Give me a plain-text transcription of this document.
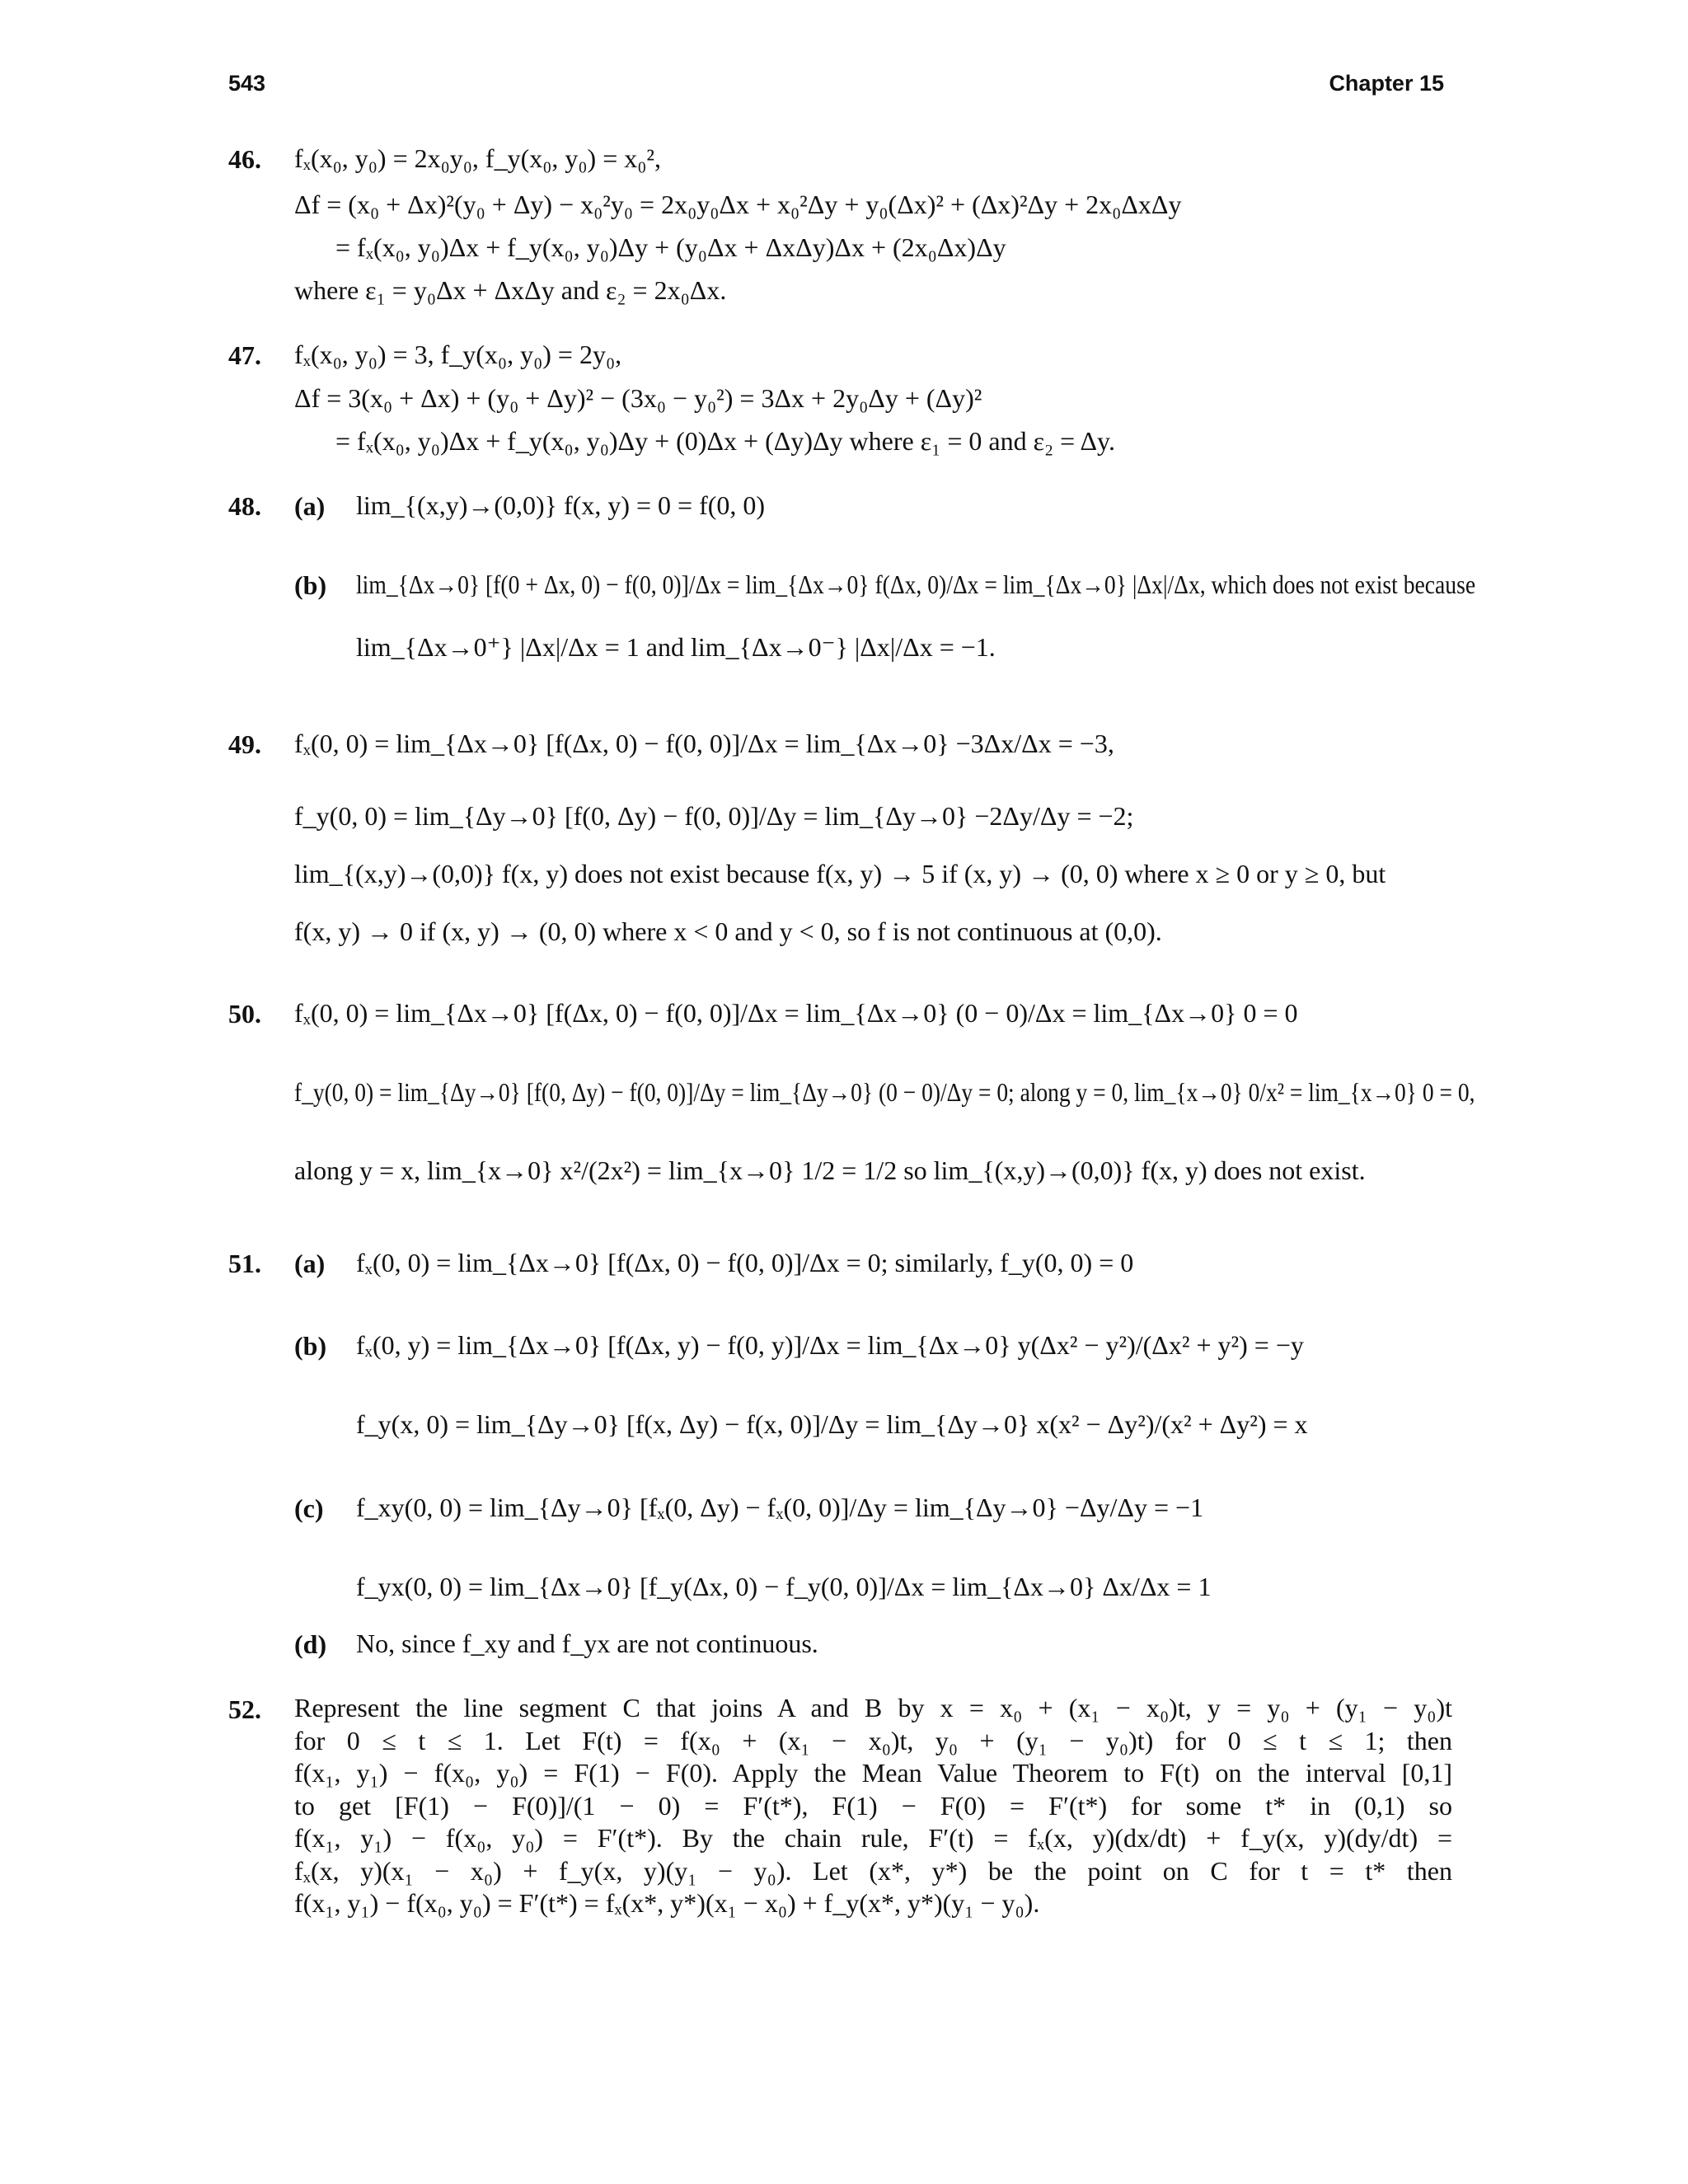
543	Chapter 15
46. fₓ(x₀, y₀) = 2x₀y₀, f_y(x₀, y₀) = x₀²,
Δf = (x₀ + Δx)²(y₀ + Δy) − x₀²y₀ = 2x₀y₀Δx + x₀²Δy + y₀(Δx)² + (Δx)²Δy + 2x₀ΔxΔy
= fₓ(x₀, y₀)Δx + f_y(x₀, y₀)Δy + (y₀Δx + ΔxΔy)Δx + (2x₀Δx)Δy
where ε₁ = y₀Δx + ΔxΔy and ε₂ = 2x₀Δx.
47. fₓ(x₀, y₀) = 3, f_y(x₀, y₀) = 2y₀,
Δf = 3(x₀ + Δx) + (y₀ + Δy)² − (3x₀ − y₀²) = 3Δx + 2y₀Δy + (Δy)²
= fₓ(x₀, y₀)Δx + f_y(x₀, y₀)Δy + (0)Δx + (Δy)Δy where ε₁ = 0 and ε₂ = Δy.
48. (a) lim_{(x,y)→(0,0)} f(x, y) = 0 = f(0, 0)
(b) lim_{Δx→0} [f(0 + Δx, 0) − f(0, 0)]/Δx = lim_{Δx→0} f(Δx, 0)/Δx = lim_{Δx→0} |Δx|/Δx, which does not exist because
lim_{Δx→0⁺} |Δx|/Δx = 1 and lim_{Δx→0⁻} |Δx|/Δx = −1.
49. fₓ(0, 0) = lim_{Δx→0} [f(Δx, 0) − f(0, 0)]/Δx = lim_{Δx→0} −3Δx/Δx = −3,
f_y(0, 0) = lim_{Δy→0} [f(0, Δy) − f(0, 0)]/Δy = lim_{Δy→0} −2Δy/Δy = −2;
lim_{(x,y)→(0,0)} f(x, y) does not exist because f(x, y) → 5 if (x, y) → (0, 0) where x ≥ 0 or y ≥ 0, but
f(x, y) → 0 if (x, y) → (0, 0) where x < 0 and y < 0, so f is not continuous at (0,0).
50. fₓ(0, 0) = lim_{Δx→0} [f(Δx, 0) − f(0, 0)]/Δx = lim_{Δx→0} (0 − 0)/Δx = lim_{Δx→0} 0 = 0
f_y(0, 0) = lim_{Δy→0} [f(0, Δy) − f(0, 0)]/Δy = lim_{Δy→0} (0 − 0)/Δy = 0; along y = 0, lim_{x→0} 0/x² = lim_{x→0} 0 = 0,
along y = x, lim_{x→0} x²/(2x²) = lim_{x→0} 1/2 = 1/2 so lim_{(x,y)→(0,0)} f(x, y) does not exist.
51. (a) fₓ(0, 0) = lim_{Δx→0} [f(Δx, 0) − f(0, 0)]/Δx = 0; similarly, f_y(0, 0) = 0
(b) fₓ(0, y) = lim_{Δx→0} [f(Δx, y) − f(0, y)]/Δx = lim_{Δx→0} y(Δx² − y²)/(Δx² + y²) = −y
f_y(x, 0) = lim_{Δy→0} [f(x, Δy) − f(x, 0)]/Δy = lim_{Δy→0} x(x² − Δy²)/(x² + Δy²) = x
(c) f_xy(0, 0) = lim_{Δy→0} [fₓ(0, Δy) − fₓ(0, 0)]/Δy = lim_{Δy→0} −Δy/Δy = −1
f_yx(0, 0) = lim_{Δx→0} [f_y(Δx, 0) − f_y(0, 0)]/Δx = lim_{Δx→0} Δx/Δx = 1
(d) No, since f_xy and f_yx are not continuous.
52. Represent the line segment C that joins A and B by x = x₀ + (x₁ − x₀)t, y = y₀ + (y₁ − y₀)t
for 0 ≤ t ≤ 1. Let F(t) = f(x₀ + (x₁ − x₀)t, y₀ + (y₁ − y₀)t) for 0 ≤ t ≤ 1; then
f(x₁, y₁) − f(x₀, y₀) = F(1) − F(0). Apply the Mean Value Theorem to F(t) on the interval [0,1]
to get [F(1) − F(0)]/(1 − 0) = F′(t*), F(1) − F(0) = F′(t*) for some t* in (0,1) so
f(x₁, y₁) − f(x₀, y₀) = F′(t*). By the chain rule, F′(t) = fₓ(x, y)(dx/dt) + f_y(x, y)(dy/dt) =
fₓ(x, y)(x₁ − x₀) + f_y(x, y)(y₁ − y₀). Let (x*, y*) be the point on C for t = t* then
f(x₁, y₁) − f(x₀, y₀) = F′(t*) = fₓ(x*, y*)(x₁ − x₀) + f_y(x*, y*)(y₁ − y₀).
